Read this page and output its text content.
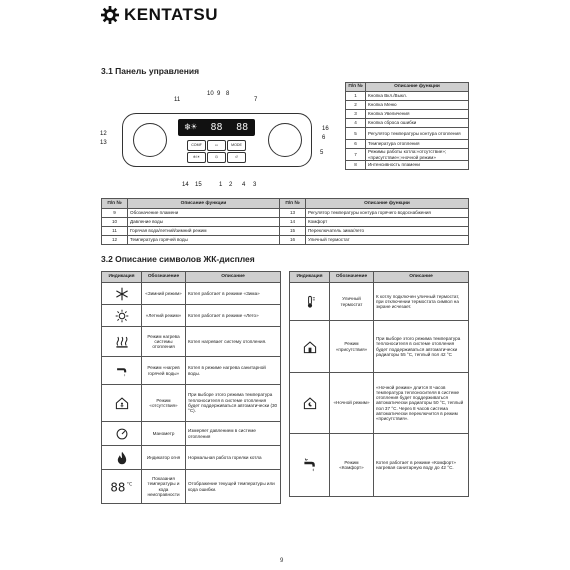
KENTATSU
3.1 Панель управления
❄☀ 88 88
COMF	▭	MODE
❄/☀	⏻	↺
11
10 9 8
7
12
13
16
6
5
14 15	1 2 4 3
П/п №	Описание функции
1	Кнопка Вкл./Выкл.
2	Кнопка Меню
3	Кнопка Увеличения
4	Кнопка сброса ошибки
5	Регулятор температуры контура отопления
6	Температура отопления
7	Режимы работы котла:«отсутствие»; «присутствие»;«ночной режим»
8	Интенсивность пламени
П/п №	Описание функции	П/п №	Описание функции
9	Обозначение пламени	13	Регулятор температуры контура горячего водоснабжения
10	Давление воды	14	Комфорт
11	Горячая вода/летний/зимний режим	15	Переключатель зима/лето
12	Температура горячей воды	16	Уличный термостат
3.2 Описание символов ЖК-дисплея
Индикация	Обозначение	Описание

	«Зимний режим»	Котел работает в режиме «Зима»

	«Летний режим»	Котел работает в режиме «Лето»

	Режим нагрева системы отопления	Котел нагревает систему отопления.

	Режим «нагрев горячей воды»	Котел в режиме нагрева санитарной воды.

	Режим «отсутствия»	При выборе этого режима температура теплоносителя в системе отопления будет поддерживаться автоматически (30 °С).

	Манометр	Измеряет давлением в системе отопления

	Индикатор огня	Нормальная работа горелки котла

88 °C	Показания температуры и кода неисправности	Отображение текущей температуры или кода ошибки.
Индикация	Обозначение	Описание

	Уличный термостат	К котлу подключен уличный термостат, при отключении термостата символ на экране исчезает.

	Режим «присутствия»	При выборе этого режима температура теплоносителя в системе отопления будет поддерживаться автоматически радиаторы 55 °С, теплый пол 42 °С

	«Ночной режим»	«Ночной режим» длится 8 часов температура теплоносителя в системе отопления будет поддерживаться автоматически радиаторы 50 °С, теплый пол 37 °С. Через 8 часов система автоматически переключится в режим «присутствия».

	Режим «Комфорт»	Котел работает в режиме «Комфорт» нагревая санитарную воду до 42 °С.
9
